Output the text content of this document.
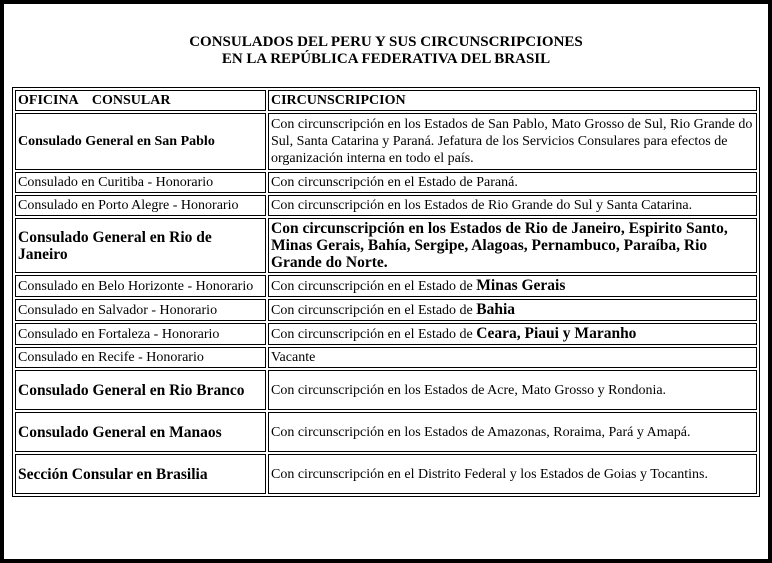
CONSULADOS DEL PERU Y SUS CIRCUNSCRIPCIONES
EN LA REPÚBLICA FEDERATIVA DEL BRASIL
OFICINA    CONSULAR	CIRCUNSCRIPCION
Consulado General en San Pablo	Con circunscripción en los Estados de San Pablo, Mato Grosso de Sul, Rio Grande do Sul, Santa Catarina y Paraná. Jefatura de los Servicios Consulares para efectos de organización interna en todo el país.
Consulado en Curitiba - Honorario	Con circunscripción en el Estado de Paraná.
Consulado en Porto Alegre - Honorario	Con circunscripción en los Estados de Rio Grande do Sul y Santa Catarina.
Consulado General en Rio de Janeiro	Con circunscripción en los Estados de Rio de Janeiro, Espirito Santo, Minas Gerais, Bahía, Sergipe, Alagoas, Pernambuco, Paraíba, Rio Grande do Norte.
Consulado en Belo Horizonte - Honorario	Con circunscripción en el Estado de Minas Gerais
Consulado en Salvador - Honorario	Con circunscripción en el Estado de Bahia
Consulado en Fortaleza - Honorario	Con circunscripción en el Estado de Ceara, Piaui y Maranho
Consulado en Recife - Honorario	Vacante
Consulado General en Rio Branco	Con circunscripción en los Estados de Acre, Mato Grosso y Rondonia.
Consulado General en Manaos	Con circunscripción en los Estados de Amazonas, Roraima, Pará y Amapá.
Sección Consular en Brasilia	Con circunscripción en el Distrito Federal y los Estados de Goias y Tocantins.
